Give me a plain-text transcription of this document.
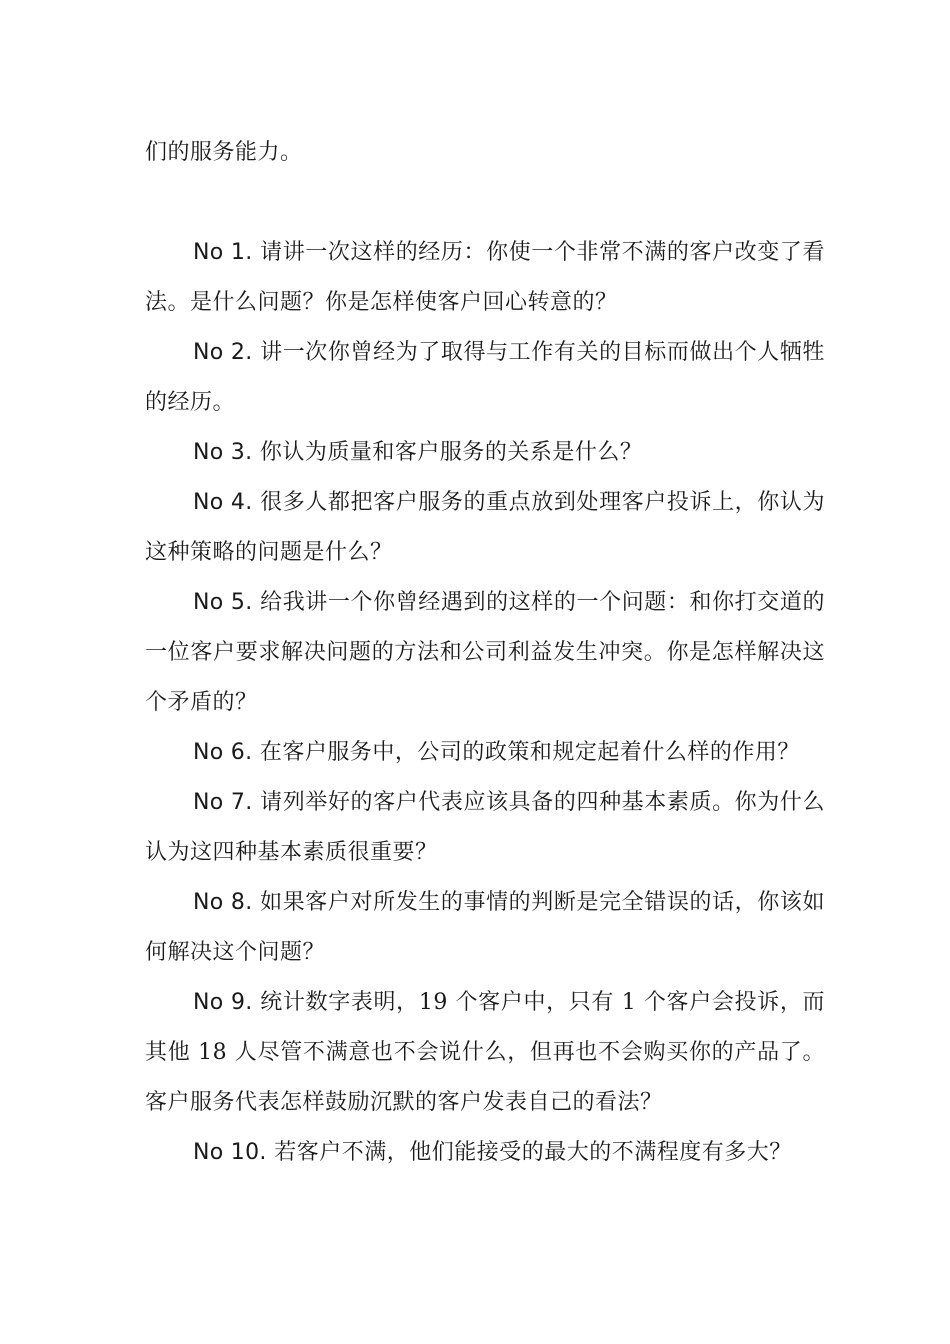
们的服务能力。

No 1. 请讲一次这样的经历：你使一个非常不满的客户改变了看法。是什么问题？你是怎样使客户回心转意的？

No 2. 讲一次你曾经为了取得与工作有关的目标而做出个人牺牲的经历。

No 3. 你认为质量和客户服务的关系是什么？

No 4. 很多人都把客户服务的重点放到处理客户投诉上，你认为这种策略的问题是什么？

No 5. 给我讲一个你曾经遇到的这样的一个问题：和你打交道的一位客户要求解决问题的方法和公司利益发生冲突。你是怎样解决这个矛盾的？

No 6. 在客户服务中，公司的政策和规定起着什么样的作用？

No 7. 请列举好的客户代表应该具备的四种基本素质。你为什么认为这四种基本素质很重要？

No 8. 如果客户对所发生的事情的判断是完全错误的话，你该如何解决这个问题？

No 9. 统计数字表明，19 个客户中，只有 1 个客户会投诉，而其他 18 人尽管不满意也不会说什么，但再也不会购买你的产品了。客户服务代表怎样鼓励沉默的客户发表自己的看法？

No 10. 若客户不满，他们能接受的最大的不满程度有多大？
